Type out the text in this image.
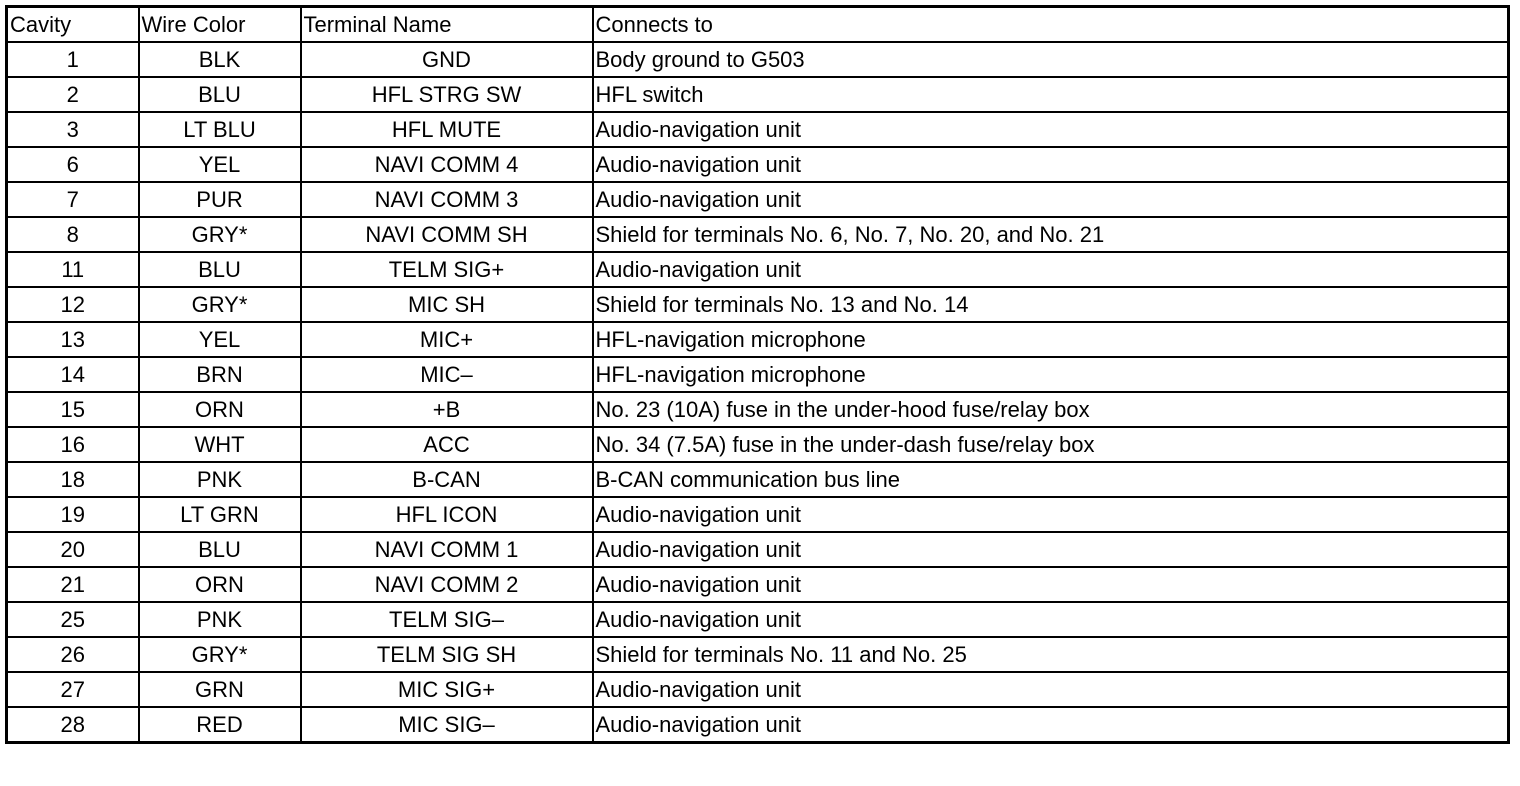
Cavity	Wire Color	Terminal Name	Connects to
1	BLK	GND	Body ground to G503
2	BLU	HFL STRG SW	HFL switch
3	LT BLU	HFL MUTE	Audio-navigation unit
6	YEL	NAVI COMM 4	Audio-navigation unit
7	PUR	NAVI COMM 3	Audio-navigation unit
8	GRY*	NAVI COMM SH	Shield for terminals No. 6, No. 7, No. 20, and No. 21
11	BLU	TELM SIG+	Audio-navigation unit
12	GRY*	MIC SH	Shield for terminals No. 13 and No. 14
13	YEL	MIC+	HFL-navigation microphone
14	BRN	MIC–	HFL-navigation microphone
15	ORN	+B	No. 23 (10A) fuse in the under-hood fuse/relay box
16	WHT	ACC	No. 34 (7.5A) fuse in the under-dash fuse/relay box
18	PNK	B-CAN	B-CAN communication bus line
19	LT GRN	HFL ICON	Audio-navigation unit
20	BLU	NAVI COMM 1	Audio-navigation unit
21	ORN	NAVI COMM 2	Audio-navigation unit
25	PNK	TELM SIG–	Audio-navigation unit
26	GRY*	TELM SIG SH	Shield for terminals No. 11 and No. 25
27	GRN	MIC SIG+	Audio-navigation unit
28	RED	MIC SIG–	Audio-navigation unit
